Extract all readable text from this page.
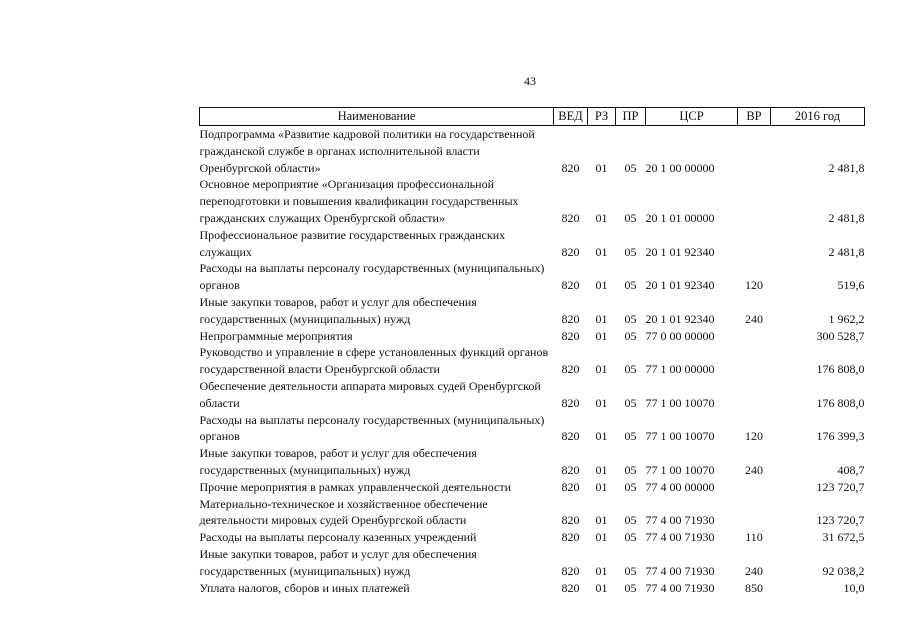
43
Наименование	ВЕД	РЗ	ПР	ЦСР	ВР	2016 год
Подпрограмма «Развитие кадровой политики на государственной гражданской службе в органах исполнительной власти Оренбургской области»	820	01	05	20 1 00 00000		2 481,8
Основное мероприятие «Организация профессиональной переподготовки и повышения квалификации государственных гражданских служащих Оренбургской области»	820	01	05	20 1 01 00000		2 481,8
Профессиональное развитие государственных гражданских служащих	820	01	05	20 1 01 92340		2 481,8
Расходы на выплаты персоналу государственных (муниципальных) органов	820	01	05	20 1 01 92340	120	519,6
Иные закупки товаров, работ и услуг для обеспечения государственных (муниципальных) нужд	820	01	05	20 1 01 92340	240	1 962,2
Непрограммные мероприятия	820	01	05	77 0 00 00000		300 528,7
Руководство и управление в сфере установленных функций органов государственной власти Оренбургской области	820	01	05	77 1 00 00000		176 808,0
Обеспечение деятельности аппарата мировых судей Оренбургской области	820	01	05	77 1 00 10070		176 808,0
Расходы на выплаты персоналу государственных (муниципальных) органов	820	01	05	77 1 00 10070	120	176 399,3
Иные закупки товаров, работ и услуг для обеспечения государственных (муниципальных) нужд	820	01	05	77 1 00 10070	240	408,7
Прочие мероприятия в рамках управленческой деятельности	820	01	05	77 4 00 00000		123 720,7
Материально-техническое и хозяйственное обеспечение деятельности мировых судей Оренбургской области	820	01	05	77 4 00 71930		123 720,7
Расходы на выплаты персоналу казенных учреждений	820	01	05	77 4 00 71930	110	31 672,5
Иные закупки товаров, работ и услуг для обеспечения государственных (муниципальных) нужд	820	01	05	77 4 00 71930	240	92 038,2
Уплата налогов, сборов и иных платежей	820	01	05	77 4 00 71930	850	10,0
